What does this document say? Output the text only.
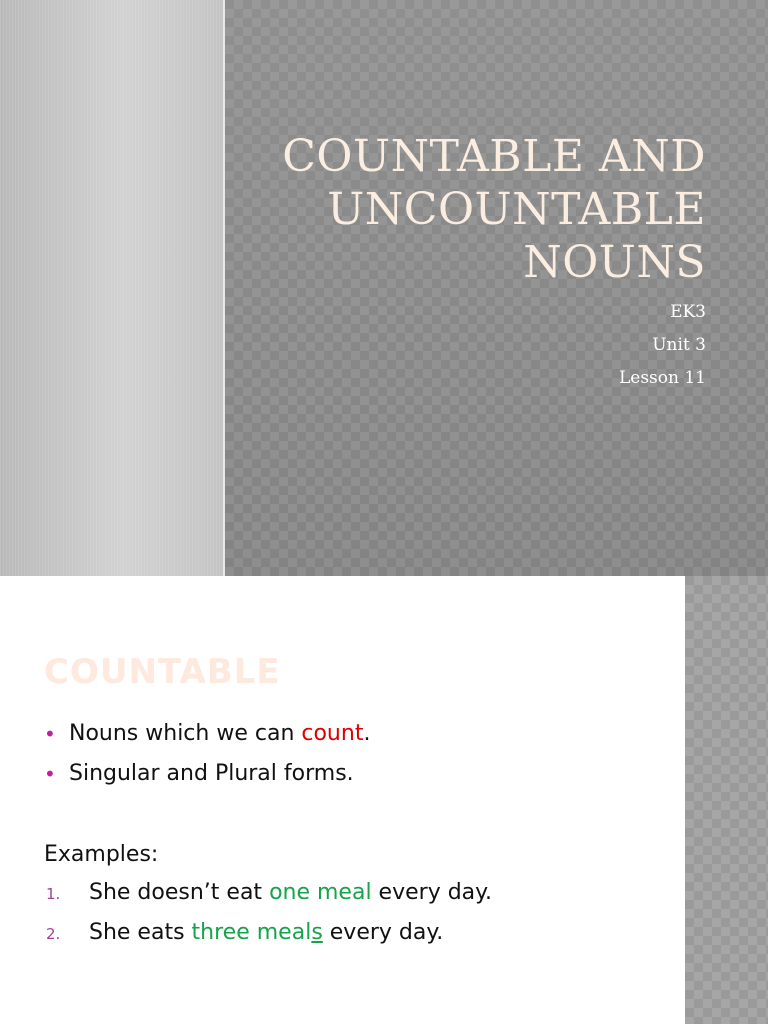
COUNTABLE AND
UNCOUNTABLE
NOUNS
EK3
Unit 3
Lesson 11
COUNTABLE
• Nouns which we can count.
• Singular and Plural forms.
Examples:
1. She doesn’t eat one meal every day.
2. She eats three meals every day.
